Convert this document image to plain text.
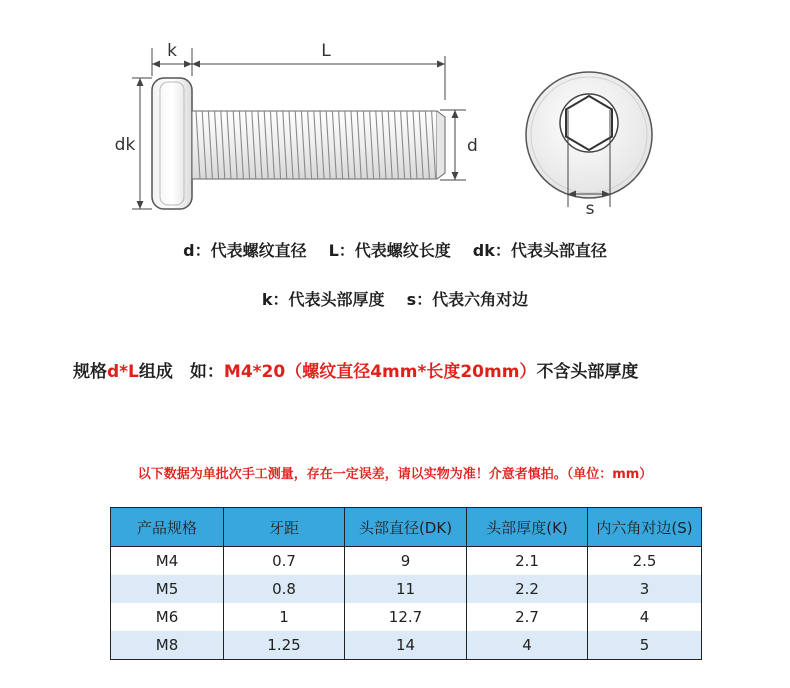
k	L
dk	d
s
d：代表螺纹直径 L：代表螺纹长度 dk：代表头部直径
k：代表头部厚度 s：代表六角对边
规格d*L组成　如：M4*20（螺纹直径4mm*长度20mm）不含头部厚度
以下数据为单批次手工测量，存在一定误差，请以实物为准！介意者慎拍。（单位：mm）
产品规格	牙距	头部直径(DK)	头部厚度(K)	内六角对边(S)
M4	0.7	9	2.1	2.5
M5	0.8	11	2.2	3
M6	1	12.7	2.7	4
M8	1.25	14	4	5
